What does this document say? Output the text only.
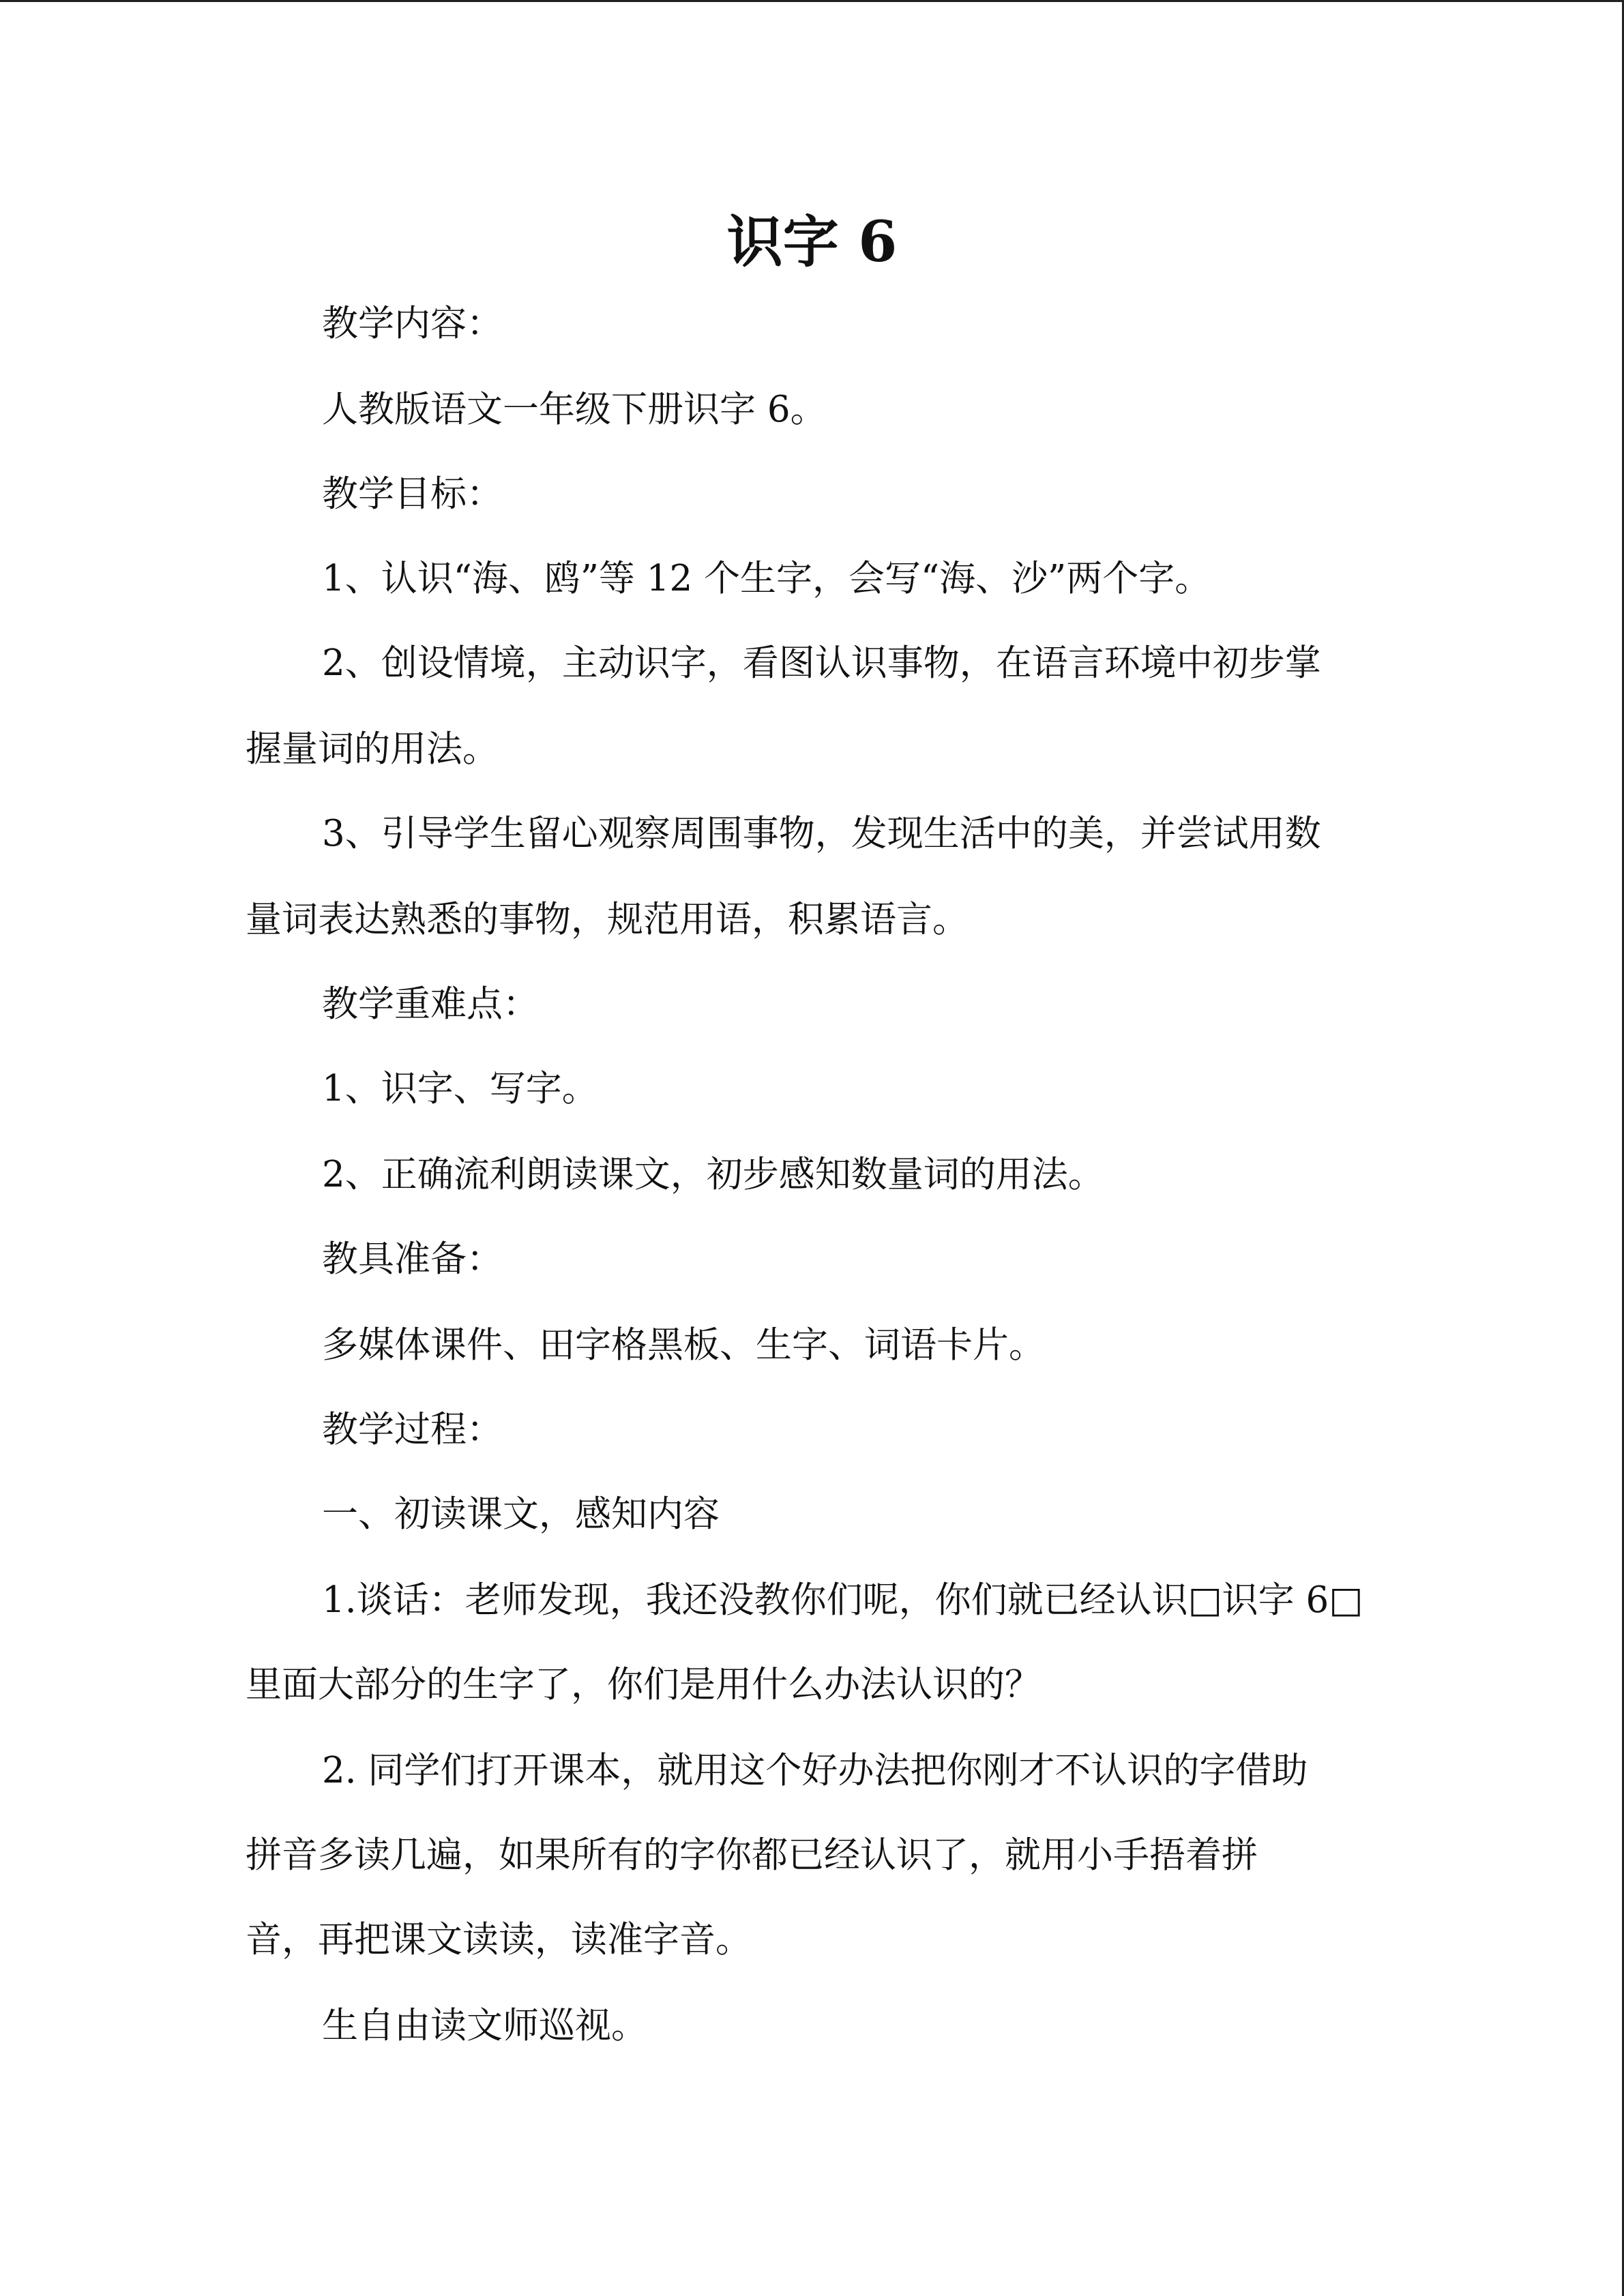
识字 6

教学内容：

人教版语文一年级下册识字 6。

教学目标：

1、认识“海、鸥”等 12 个生字，会写“海、沙”两个字。

2、创设情境，主动识字，看图认识事物，在语言环境中初步掌

握量词的用法。

3、引导学生留心观察周围事物，发现生活中的美，并尝试用数

量词表达熟悉的事物，规范用语，积累语言。

教学重难点：

1、识字、写字。

2、正确流利朗读课文，初步感知数量词的用法。

教具准备：

多媒体课件、田字格黑板、生字、词语卡片。

教学过程：

一、初读课文，感知内容

1.谈话：老师发现，我还没教你们呢，你们就已经认识□识字 6□

里面大部分的生字了，你们是用什么办法认识的？

2. 同学们打开课本，就用这个好办法把你刚才不认识的字借助

拼音多读几遍，如果所有的字你都已经认识了，就用小手捂着拼

音，再把课文读读，读准字音。

生自由读文师巡视。
